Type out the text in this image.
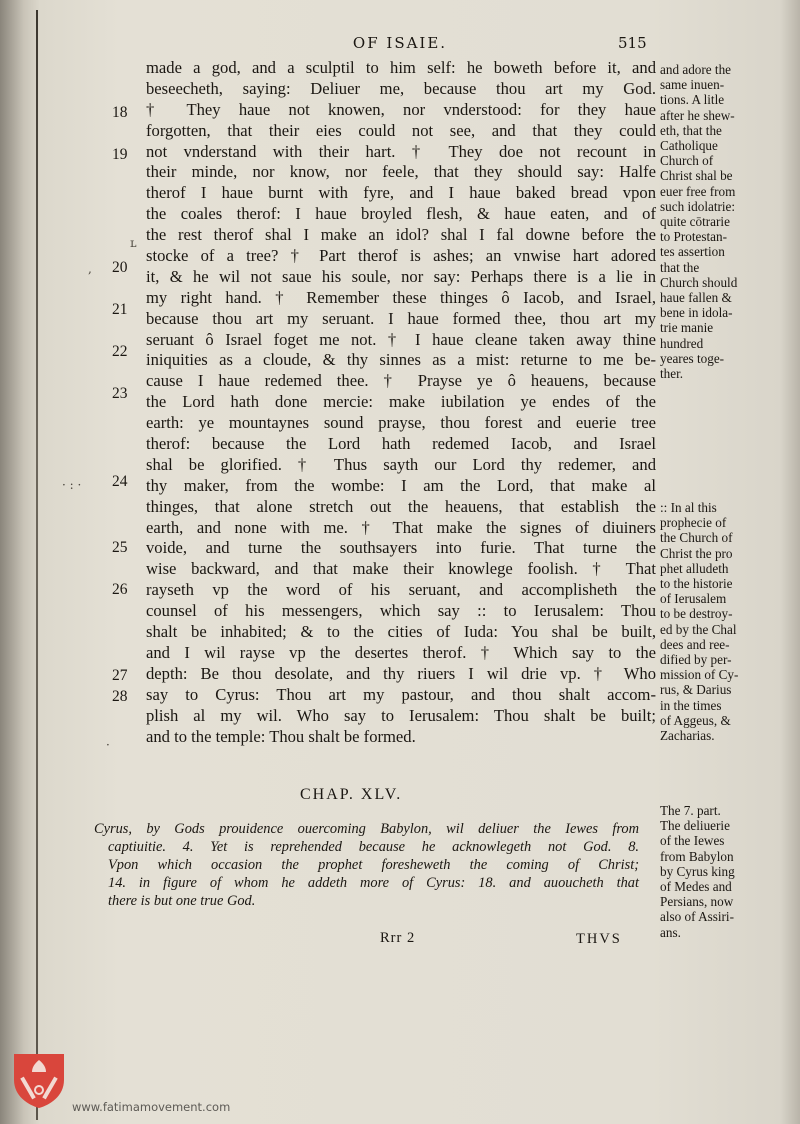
OF ISAIE.	515
ʟ
,
· : ·
·
18
19
20
21
22
23
24
25
26
27
28
made a god, and a sculptil to him self: he boweth before it, and
beseecheth, saying: Deliuer me, because thou art my God.
† They haue not knowen, nor vnderstood: for they haue
forgotten, that their eies could not see, and that they could
not vnderstand with their hart. † They doe not recount in
their minde, nor know, nor feele, that they should say: Halfe
therof I haue burnt with fyre, and I haue baked bread vpon
the coales therof: I haue broyled flesh, & haue eaten, and of
the rest therof shal I make an idol? shal I fal downe before the
stocke of a tree? † Part therof is ashes; an vnwise hart adored
it, & he wil not saue his soule, nor say: Perhaps there is a lie in
my right hand. † Remember these thinges ô Iacob, and Israel,
because thou art my seruant. I haue formed thee, thou art my
seruant ô Israel foget me not. † I haue cleane taken away thine
iniquities as a cloude, & thy sinnes as a mist: returne to me be-
cause I haue redemed thee. † Prayse ye ô heauens, because
the Lord hath done mercie: make iubilation ye endes of the
earth: ye mountaynes sound prayse, thou forest and euerie tree
therof: because the Lord hath redemed Iacob, and Israel
shal be glorified. † Thus sayth our Lord thy redemer, and
thy maker, from the wombe: I am the Lord, that make al
thinges, that alone stretch out the heauens, that establish the
earth, and none with me. † That make the signes of diuiners
voide, and turne the southsayers into furie. That turne the
wise backward, and that make their knowlege foolish. † That
rayseth vp the word of his seruant, and accomplisheth the
counsel of his messengers, which say :: to Ierusalem: Thou
shalt be inhabited; & to the cities of Iuda: You shal be built,
and I wil rayse vp the desertes therof. † Which say to the
depth: Be thou desolate, and thy riuers I wil drie vp. † Who
say to Cyrus: Thou art my pastour, and thou shalt accom-
plish al my wil. Who say to Ierusalem: Thou shalt be built;
and to the temple: Thou shalt be formed.
and adore the
same inuen-
tions. A litle
after he shew-
eth, that the
Catholique
Church of
Christ shal be
euer free from
such idolatrie:
quite cōtrarie
to Protestan-
tes assertion
that the
Church should
haue fallen &
bene in idola-
trie manie
hundred
yeares toge-
ther.
:: In al this
prophecie of
the Church of
Christ the pro
phet alludeth
to the historie
of Ierusalem
to be destroy-
ed by the Chal
dees and ree-
dified by per-
mission of Cy-
rus, & Darius
in the times
of Aggeus, &
Zacharias.
CHAP. XLV.
The 7. part.
The deliuerie
of the Iewes
from Babylon
by Cyrus king
of Medes and
Persians, now
also of Assiri-
ans.
Cyrus, by Gods prouidence ouercoming Babylon, wil deliuer the Iewes from
captiuitie. 4. Yet is reprehended because he acknowlegeth not God. 8.
Vpon which occasion the prophet foresheweth the coming of Christ;
14. in figure of whom he addeth more of Cyrus: 18. and auoucheth that
there is but one true God.
Rrr 2	THVS
www.fatimamovement.com
